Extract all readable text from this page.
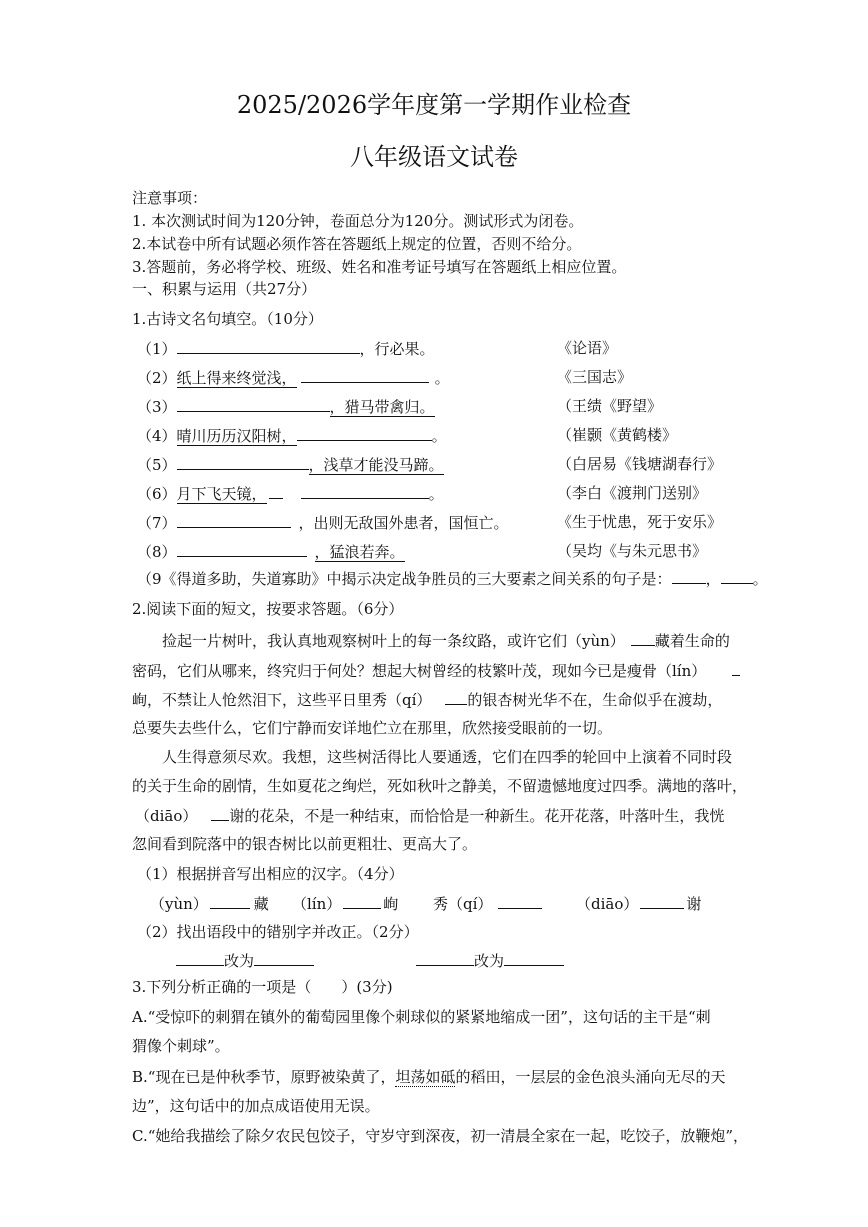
2025/2026学年度第一学期作业检查
八年级语文试卷
注意事项：
1. 本次测试时间为120分钟，卷面总分为120分。测试形式为闭卷。
2.本试卷中所有试题必须作答在答题纸上规定的位置，否则不给分。
3.答题前，务必将学校、班级、姓名和准考证号填写在答题纸上相应位置。
一、积累与运用（共27分）
1.古诗文名句填空。（10分）
（1）	，行必果。	《论语》
（2）纸上得来终觉浅，	。	《三国志》
（3）	，猎马带禽归。	（王绩《野望》
（4）晴川历历汉阳树，	。	（崔颢《黄鹤楼》
（5）	，浅草才能没马蹄。	（白居易《钱塘湖春行》
（6）月下飞天镜，	。	（李白《渡荆门送别》
（7）	，出则无敌国外患者，国恒亡。	《生于忧患，死于安乐》
（8）	，猛浪若奔。	（吴均《与朱元思书》
（9《得道多助，失道寡助》中揭示决定战争胜员的三大要素之间关系的句子是： ， 。
2.阅读下面的短文，按要求答题。（6分）
捡起一片树叶，我认真地观察树叶上的每一条纹路，或许它们（yùn） 藏着生命的
密码，它们从哪来，终究归于何处？想起大树曾经的枝繁叶茂，现如今已是瘦骨（lín）
峋，不禁让人怆然泪下，这些平日里秀（qí） 的银杏树光华不在，生命似乎在渡劫，
总要失去些什么，它们宁静而安详地伫立在那里，欣然接受眼前的一切。
人生得意须尽欢。我想，这些树活得比人要通透，它们在四季的轮回中上演着不同时段
的关于生命的剧情，生如夏花之绚烂，死如秋叶之静美，不留遗憾地度过四季。满地的落叶，
（diāo） 谢的花朵，不是一种结束，而恰恰是一种新生。花开花落，叶落叶生，我恍
忽间看到院落中的银杏树比以前更粗壮、更高大了。
（1）根据拼音写出相应的汉字。（4分）
（yùn）	藏 （lín）	峋 秀（qí）	（diāo）	谢
（2）找出语段中的错别字并改正。（2分）
改为	改为
3.下列分析正确的一项是（　　）(3分)
A.“受惊吓的刺猬在镇外的葡萄园里像个刺球似的紧紧地缩成一团”，这句话的主干是“刺
猬像个刺球”。
B.“现在已是仲秋季节，原野被染黄了，坦荡如砥的稻田，一层层的金色浪头涌向无尽的天
边”，这句话中的加点成语使用无误。
C.“她给我描绘了除夕农民包饺子，守岁守到深夜，初一清晨全家在一起，吃饺子，放鞭炮”，
